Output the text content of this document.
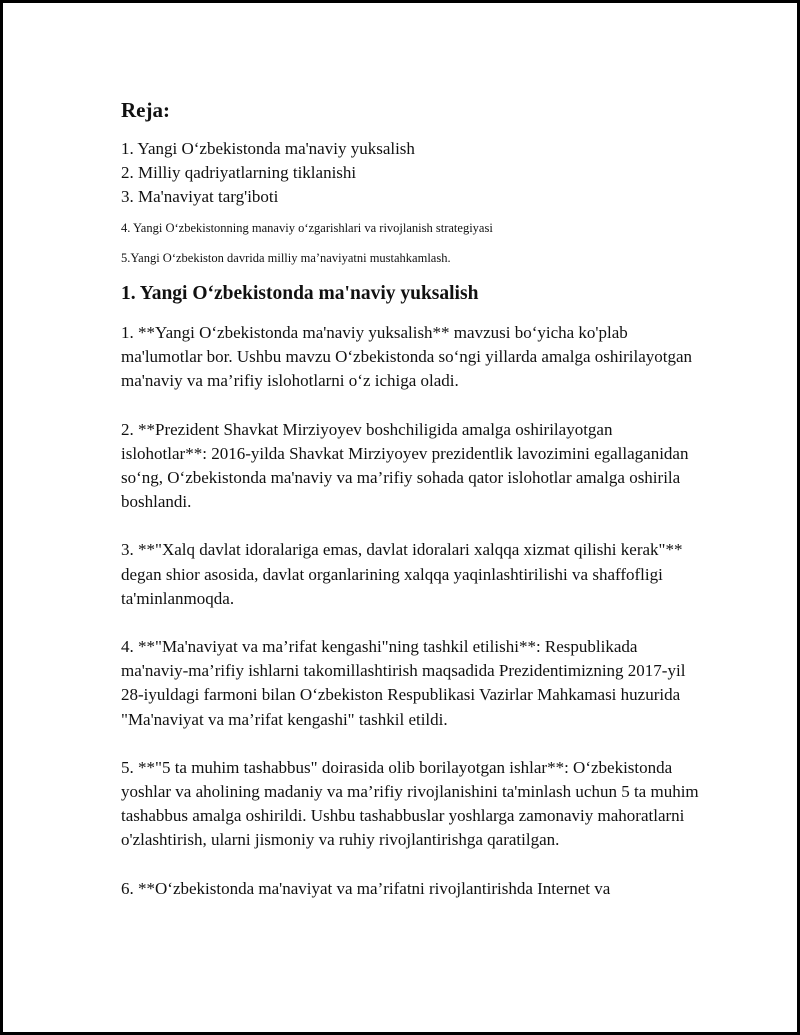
Reja:

1. Yangi O‘zbekistonda ma'naviy yuksalish

2. Milliy qadriyatlarning tiklanishi

3. Ma'naviyat targ'iboti

4. Yangi O‘zbekistonning manaviy o‘zgarishlari va rivojlanish strategiyasi

5.Yangi O‘zbekiston davrida milliy ma’naviyatni mustahkamlash.

1. Yangi O‘zbekistonda ma'naviy yuksalish

1. **Yangi O‘zbekistonda ma'naviy yuksalish** mavzusi bo‘yicha ko'plab ma'lumotlar bor. Ushbu mavzu O‘zbekistonda so‘ngi yillarda amalga oshirilayotgan ma'naviy va ma’rifiy islohotlarni o‘z ichiga oladi.

2. **Prezident Shavkat Mirziyoyev boshchiligida amalga oshirilayotgan islohotlar**: 2016-yilda Shavkat Mirziyoyev prezidentlik lavozimini egallaganidan so‘ng, O‘zbekistonda ma'naviy va ma’rifiy sohada qator islohotlar amalga oshirila boshlandi.

3. **"Xalq davlat idoralariga emas, davlat idoralari xalqqa xizmat qilishi kerak"** degan shior asosida, davlat organlarining xalqqa yaqinlashtirilishi va shaffofligi ta'minlanmoqda.

4. **"Ma'naviyat va ma’rifat kengashi"ning tashkil etilishi**: Respublikada ma'naviy-ma’rifiy ishlarni takomillashtirish maqsadida Prezidentimizning 2017-yil 28-iyuldagi farmoni bilan O‘zbekiston Respublikasi Vazirlar Mahkamasi huzurida "Ma'naviyat va ma’rifat kengashi" tashkil etildi.

5. **"5 ta muhim tashabbus" doirasida olib borilayotgan ishlar**: O‘zbekistonda yoshlar va aholining madaniy va ma’rifiy rivojlanishini ta'minlash uchun 5 ta muhim tashabbus amalga oshirildi. Ushbu tashabbuslar yoshlarga zamonaviy mahoratlarni o'zlashtirish, ularni jismoniy va ruhiy rivojlantirishga qaratilgan.

6. **O‘zbekistonda ma'naviyat va ma’rifatni rivojlantirishda Internet va
